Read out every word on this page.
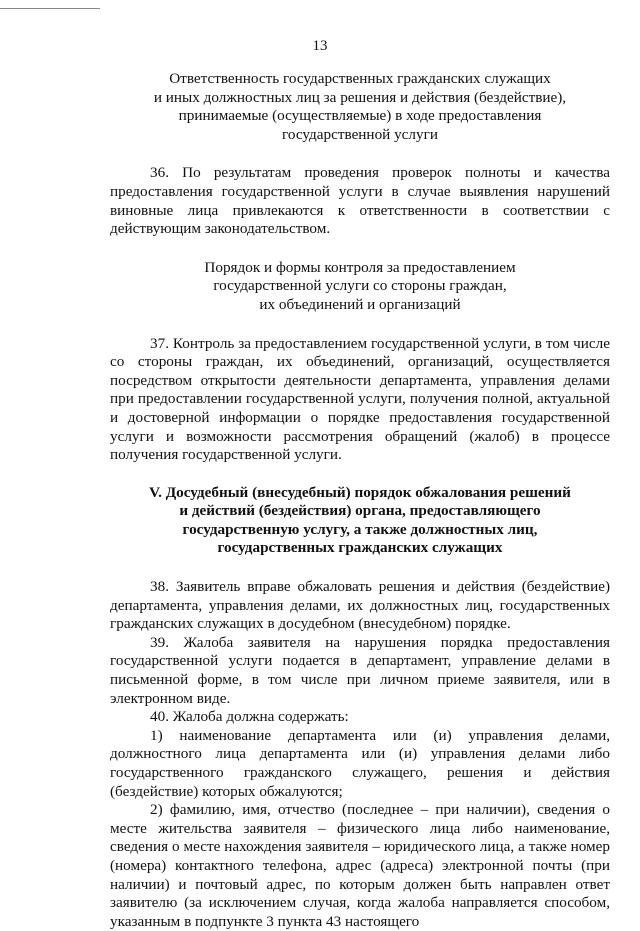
13

Ответственность государственных гражданских служащих
и иных должностных лиц за решения и действия (бездействие),
принимаемые (осуществляемые) в ходе предоставления
государственной услуги

36. По результатам проведения проверок полноты и качества предоставления государственной услуги в случае выявления нарушений виновные лица привлекаются к ответственности в соответствии с действующим законодательством.

Порядок и формы контроля за предоставлением
государственной услуги со стороны граждан,
их объединений и организаций

37. Контроль за предоставлением государственной услуги, в том числе со стороны граждан, их объединений, организаций, осуществляется посредством открытости деятельности департамента, управления делами при предоставлении государственной услуги, получения полной, актуальной и достоверной информации о порядке предоставления государственной услуги и возможности рассмотрения обращений (жалоб) в процессе получения государственной услуги.

V. Досудебный (внесудебный) порядок обжалования решений
и действий (бездействия) органа, предоставляющего
государственную услугу, а также должностных лиц,
государственных гражданских служащих

38. Заявитель вправе обжаловать решения и действия (бездействие) департамента, управления делами, их должностных лиц, государственных гражданских служащих в досудебном (внесудебном) порядке.

39. Жалоба заявителя на нарушения порядка предоставления государственной услуги подается в департамент, управление делами в письменной форме, в том числе при личном приеме заявителя, или в электронном виде.

40. Жалоба должна содержать:

1) наименование департамента или (и) управления делами, должностного лица департамента или (и) управления делами либо государственного гражданского служащего, решения и действия (бездействие) которых обжалуются;

2) фамилию, имя, отчество (последнее – при наличии), сведения о месте жительства заявителя – физического лица либо наименование, сведения о месте нахождения заявителя – юридического лица, а также номер (номера) контактного телефона, адрес (адреса) электронной почты (при наличии) и почтовый адрес, по которым должен быть направлен ответ заявителю (за исключением случая, когда жалоба направляется способом, указанным в подпункте 3 пункта 43 настоящего
